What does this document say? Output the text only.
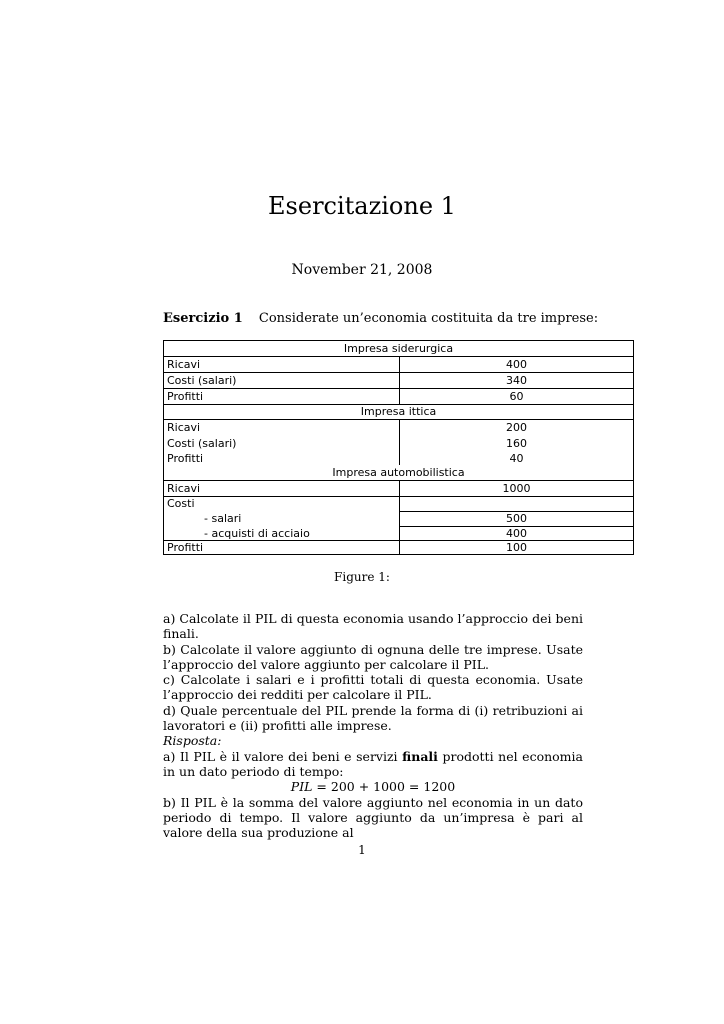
Esercitazione 1
November 21, 2008
Esercizio 1 Considerate un’economia costituita da tre imprese:
Impresa siderurgica
Ricavi	400
Costi (salari)	340
Profitti	60
Impresa ittica
Ricavi	200
Costi (salari)	160
Profitti	40
Impresa automobilistica
Ricavi	1000
Costi
- salari	500
- acquisti di acciaio	400
Profitti	100
Figure 1:

a) Calcolate il PIL di questa economia usando l’approccio dei beni finali.

b) Calcolate il valore aggiunto di ognuna delle tre imprese. Usate l’approccio del valore aggiunto per calcolare il PIL.

c) Calcolate i salari e i profitti totali di questa economia. Usate l’approccio dei redditi per calcolare il PIL.

d) Quale percentuale del PIL prende la forma di (i) retribuzioni ai lavoratori e (ii) profitti alle imprese.

Risposta:

a) Il PIL è il valore dei beni e servizi finali prodotti nel economia in un dato periodo di tempo:

PIL = 200 + 1000 = 1200

b) Il PIL è la somma del valore aggiunto nel economia in un dato periodo di tempo. Il valore aggiunto da un’impresa è pari al valore della sua produzione al

1
